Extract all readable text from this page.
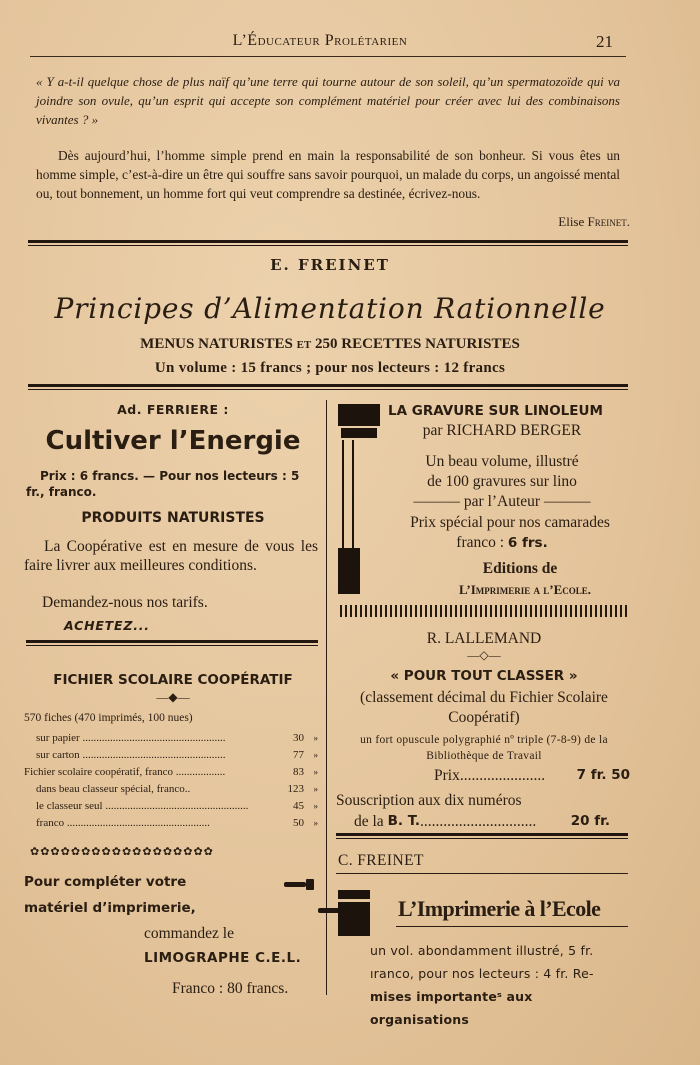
L’Éducateur Prolétarien	21
« Y a-t-il quelque chose de plus naïf qu’une terre qui tourne autour de son soleil, qu’un spermatozoïde qui va joindre son ovule, qu’un esprit qui accepte son complément matériel pour créer avec lui des combinaisons vivantes ? »
Dès aujourd’hui, l’homme simple prend en main la responsabilité de son bonheur. Si vous êtes un homme simple, c’est-à-dire un être qui souffre sans savoir pourquoi, un malade du corps, un angoissé mental ou, tout bonnement, un homme fort qui veut comprendre sa destinée, écrivez-nous.
Elise Freinet.
E. FREINET
Principes d’Alimentation Rationnelle
MENUS NATURISTES ET 250 RECETTES NATURISTES
Un volume : 15 francs ; pour nos lecteurs : 12 francs
Ad. FERRIERE :
Cultiver l’Energie
Prix : 6 francs. — Pour nos lecteurs : 5 fr., franco.
PRODUITS NATURISTES
La Coopérative est en mesure de vous les faire livrer aux meilleures conditions.
Demandez-nous nos tarifs.
ACHETEZ...
FICHIER SCOLAIRE COOPÉRATIF
—◆—
570 fiches (470 imprimés, 100 nues)
sur papier ....................................................	30	»
sur carton ....................................................	77	»
Fichier scolaire coopératif, franco ..................	83	»
dans beau classeur spécial, franco..	123	»
le classeur seul ....................................................	45	»
franco ....................................................	50	»
✿✿✿✿✿✿✿✿✿✿✿✿✿✿✿✿✿✿
Pour compléter votre

matériel d’imprimerie,
commandez le
LIMOGRAPHE C.E.L.
Franco : 80 francs.
LA GRAVURE SUR LINOLEUM
par RICHARD BERGER
Un beau volume, illustré
de 100 gravures sur lino
——— par l’Auteur ———
Prix spécial pour nos camarades
franco : 6 frs.
Editions de
L’Imprimerie a l’Ecole.
R. LALLEMAND
—◇—
« POUR TOUT CLASSER »
(classement décimal du Fichier Scolaire Coopératif)
un fort opuscule polygraphié nº triple (7-8-9) de la Bibliothèque de Travail
Prix ......................	7 fr. 50
Souscription aux dix numéros
de la
B. T. ..............................	20 fr.
C. FREINET
L’Imprimerie à l’Ecole
un vol. abondamment illustré, 5 fr.
ıranco, pour nos lecteurs : 4 fr. Re-
mises importanteˢ aux organisations
